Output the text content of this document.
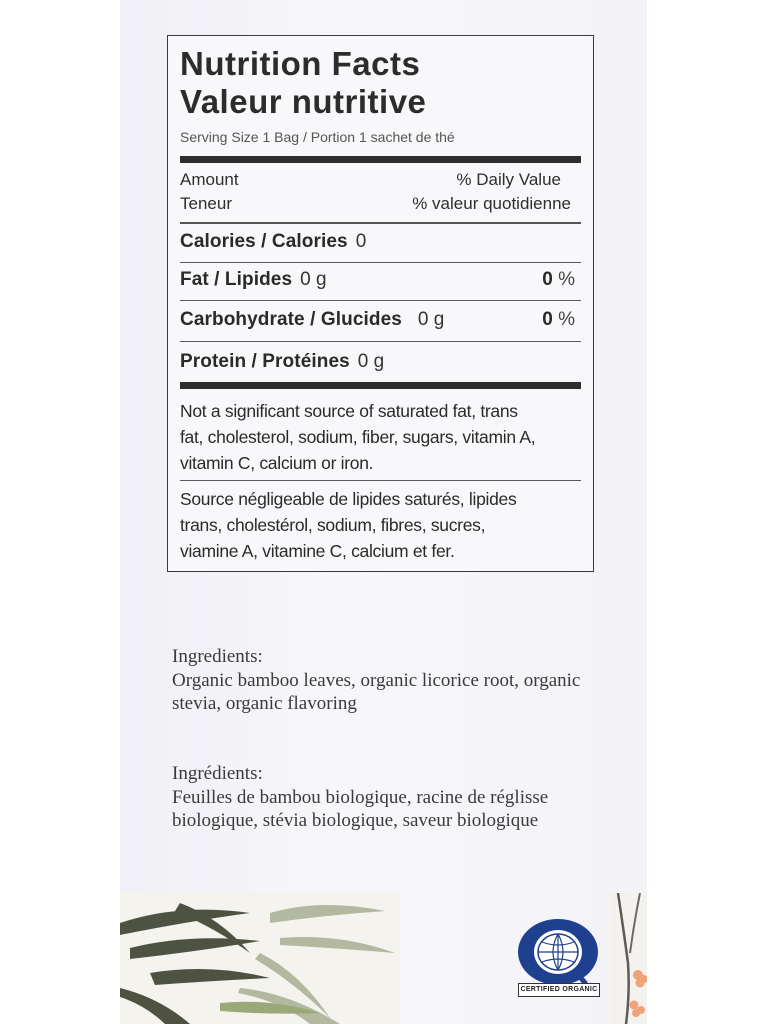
Nutrition Facts
Valeur nutritive
Serving Size 1 Bag / Portion 1 sachet de thé
Amount
Teneur
% Daily Value
% valeur quotidienne
Calories / Calories 0
Fat / Lipides 0 g	0 %
Carbohydrate / Glucides 0 g	0 %
Protein / Protéines 0 g
Not a significant source of saturated fat, trans fat, cholesterol, sodium, fiber, sugars, vitamin A, vitamin C, calcium or iron.
Source négligeable de lipides saturés, lipides trans, cholestérol, sodium, fibres, sucres, viamine A, vitamine C, calcium et fer.
Ingredients:
Organic bamboo leaves, organic licorice root, organic stevia, organic flavoring
Ingrédients:
Feuilles de bambou biologique, racine de réglisse biologique, stévia biologique, saveur biologique
CERTIFIED ORGANIC
